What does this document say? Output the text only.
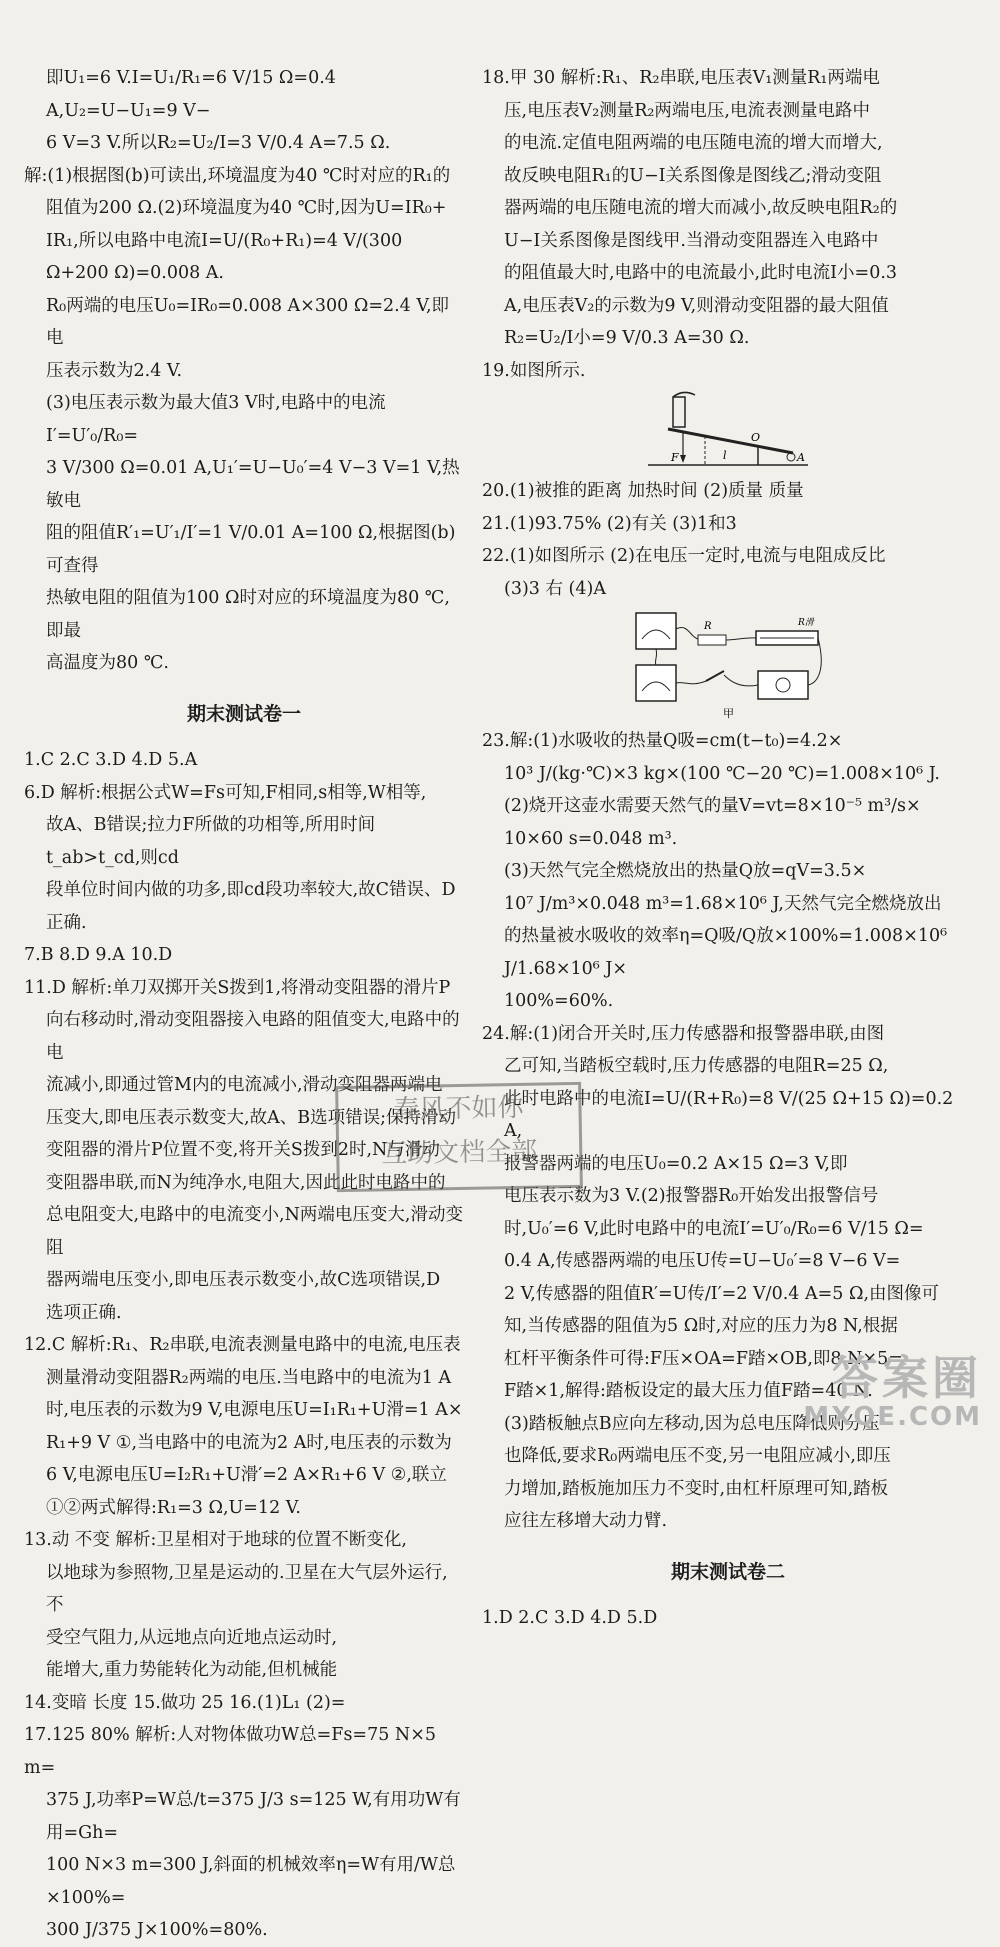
即U₁=6 V.I=U₁/R₁=6 V/15 Ω=0.4 A,U₂=U−U₁=9 V−

6 V=3 V.所以R₂=U₂/I=3 V/0.4 A=7.5 Ω.

解:(1)根据图(b)可读出,环境温度为40 ℃时对应的R₁的

阻值为200 Ω.(2)环境温度为40 ℃时,因为U=IR₀+

IR₁,所以电路中电流I=U/(R₀+R₁)=4 V/(300 Ω+200 Ω)=0.008 A.

R₀两端的电压U₀=IR₀=0.008 A×300 Ω=2.4 V,即电

压表示数为2.4 V.

(3)电压表示数为最大值3 V时,电路中的电流I′=U′₀/R₀=

3 V/300 Ω=0.01 A,U₁′=U−U₀′=4 V−3 V=1 V,热敏电

阻的阻值R′₁=U′₁/I′=1 V/0.01 A=100 Ω,根据图(b)可查得

热敏电阻的阻值为100 Ω时对应的环境温度为80 ℃,即最

高温度为80 ℃.

期末测试卷一

1.C 2.C 3.D 4.D 5.A

6.D 解析:根据公式W=Fs可知,F相同,s相等,W相等,

故A、B错误;拉力F所做的功相等,所用时间t_ab>t_cd,则cd

段单位时间内做的功多,即cd段功率较大,故C错误、D

正确.

7.B 8.D 9.A 10.D

11.D 解析:单刀双掷开关S拨到1,将滑动变阻器的滑片P

向右移动时,滑动变阻器接入电路的阻值变大,电路中的电

流减小,即通过管M内的电流减小,滑动变阻器两端电

压变大,即电压表示数变大,故A、B选项错误;保持滑动

变阻器的滑片P位置不变,将开关S拨到2时,N与滑动

变阻器串联,而N为纯净水,电阻大,因此此时电路中的

总电阻变大,电路中的电流变小,N两端电压变大,滑动变阻

器两端电压变小,即电压表示数变小,故C选项错误,D

选项正确.

12.C 解析:R₁、R₂串联,电流表测量电路中的电流,电压表

测量滑动变阻器R₂两端的电压.当电路中的电流为1 A

时,电压表的示数为9 V,电源电压U=I₁R₁+U滑=1 A×

R₁+9 V ①,当电路中的电流为2 A时,电压表的示数为

6 V,电源电压U=I₂R₁+U滑′=2 A×R₁+6 V ②,联立

①②两式解得:R₁=3 Ω,U=12 V.

13.动 不变 解析:卫星相对于地球的位置不断变化,

以地球为参照物,卫星是运动的.卫星在大气层外运行,不

受空气阻力,从远地点向近地点运动时,

能增大,重力势能转化为动能,但机械能

14.变暗 长度 15.做功 25 16.(1)L₁ (2)=

17.125 80% 解析:人对物体做功W总=Fs=75 N×5 m=

375 J,功率P=W总/t=375 J/3 s=125 W,有用功W有用=Gh=

100 N×3 m=300 J,斜面的机械效率η=W有用/W总×100%=

300 J/375 J×100%=80%.

18.甲 30 解析:R₁、R₂串联,电压表V₁测量R₁两端电

压,电压表V₂测量R₂两端电压,电流表测量电路中

的电流.定值电阻两端的电压随电流的增大而增大,

故反映电阻R₁的U−I关系图像是图线乙;滑动变阻

器两端的电压随电流的增大而减小,故反映电阻R₂的

U−I关系图像是图线甲.当滑动变阻器连入电路中

的阻值最大时,电路中的电流最小,此时电流I小=0.3

A,电压表V₂的示数为9 V,则滑动变阻器的最大阻值

R₂=U₂/I小=9 V/0.3 A=30 Ω.

19.如图所示.

F	l
O
A

20.(1)被推的距离 加热时间 (2)质量 质量

21.(1)93.75% (2)有关 (3)1和3

22.(1)如图所示 (2)在电压一定时,电流与电阻成反比

(3)3 右 (4)A

R	R滑
甲

23.解:(1)水吸收的热量Q吸=cm(t−t₀)=4.2×

10³ J/(kg·℃)×3 kg×(100 ℃−20 ℃)=1.008×10⁶ J.

(2)烧开这壶水需要天然气的量V=vt=8×10⁻⁵ m³/s×

10×60 s=0.048 m³.

(3)天然气完全燃烧放出的热量Q放=qV=3.5×

10⁷ J/m³×0.048 m³=1.68×10⁶ J,天然气完全燃烧放出

的热量被水吸收的效率η=Q吸/Q放×100%=1.008×10⁶ J/1.68×10⁶ J×

100%=60%.

24.解:(1)闭合开关时,压力传感器和报警器串联,由图

乙可知,当踏板空载时,压力传感器的电阻R=25 Ω,

此时电路中的电流I=U/(R+R₀)=8 V/(25 Ω+15 Ω)=0.2 A,

报警器两端的电压U₀=0.2 A×15 Ω=3 V,即

电压表示数为3 V.(2)报警器R₀开始发出报警信号

时,U₀′=6 V,此时电路中的电流I′=U′₀/R₀=6 V/15 Ω=

0.4 A,传感器两端的电压U传=U−U₀′=8 V−6 V=

2 V,传感器的阻值R′=U传/I′=2 V/0.4 A=5 Ω,由图像可

知,当传感器的阻值为5 Ω时,对应的压力为8 N,根据

杠杆平衡条件可得:F压×OA=F踏×OB,即8 N×5=

F踏×1,解得:踏板设定的最大压力值F踏=40 N.

(3)踏板触点B应向左移动,因为总电压降低则分压

也降低,要求R₀两端电压不变,另一电阻应减小,即压

力增加,踏板施加压力不变时,由杠杆原理可知,踏板

应往左移增大动力臂.

期末测试卷二

1.D 2.C 3.D 4.D 5.D

春风不如你
互助文档全部
答案圈
MXQE.COM
